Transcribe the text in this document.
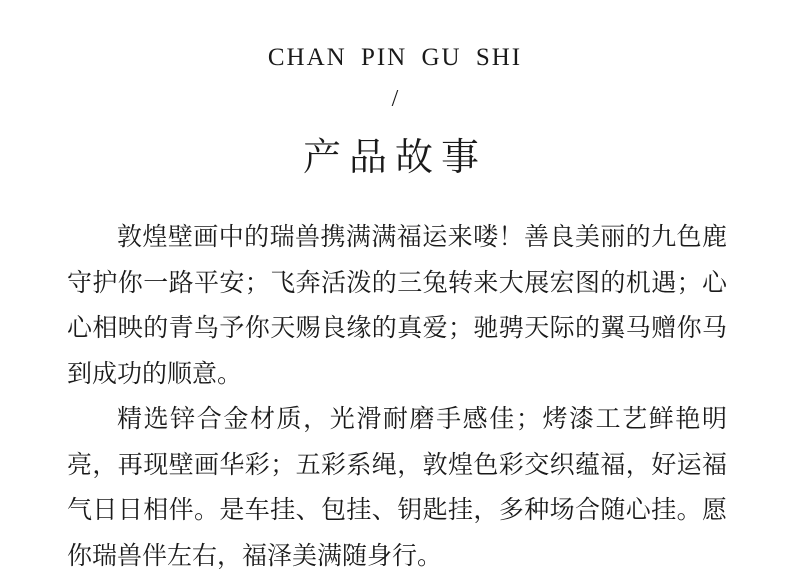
CHAN PIN GU SHI
/
产品故事

敦煌壁画中的瑞兽携满满福运来喽！善良美丽的九色鹿守护你一路平安；飞奔活泼的三兔转来大展宏图的机遇；心心相映的青鸟予你天赐良缘的真爱；驰骋天际的翼马赠你马到成功的顺意。

精选锌合金材质，光滑耐磨手感佳；烤漆工艺鲜艳明亮，再现壁画华彩；五彩系绳，敦煌色彩交织蕴福，好运福气日日相伴。是车挂、包挂、钥匙挂，多种场合随心挂。愿你瑞兽伴左右，福泽美满随身行。
